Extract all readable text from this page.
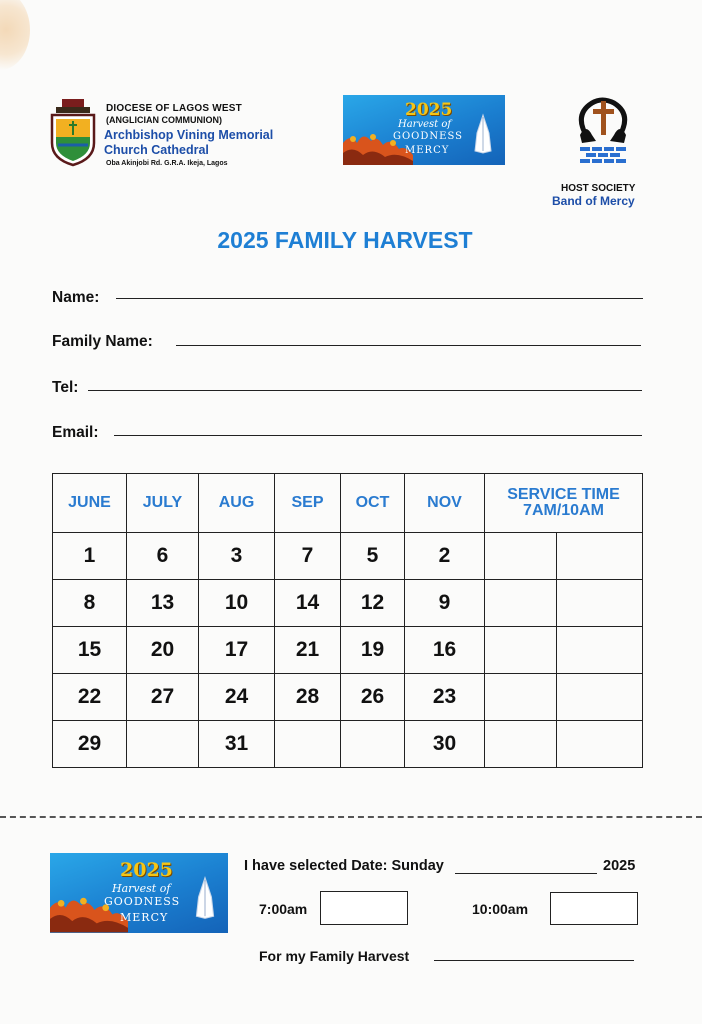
DIOCESE OF LAGOS WEST
(ANGLICIAN COMMUNION)
Archbishop Vining Memorial
Church Cathedral
Oba Akinjobi Rd. G.R.A. Ikeja, Lagos
2025
Harvest of
GOODNESS
MERCY
HOST SOCIETY
Band of Mercy
2025 FAMILY HARVEST
Name:
Family Name:
Tel:
Email:
JUNE	JULY	AUG	SEP	OCT	NOV	SERVICE TIME
7AM/10AM	
1	6	3	7	5	2		
8	13	10	14	12	9		
15	20	17	21	19	16		
22	27	24	28	26	23		
29		31			30		
2025
Harvest of
GOODNESS
MERCY
I have selected Date: Sunday	2025
7:00am	10:00am
For my Family Harvest
